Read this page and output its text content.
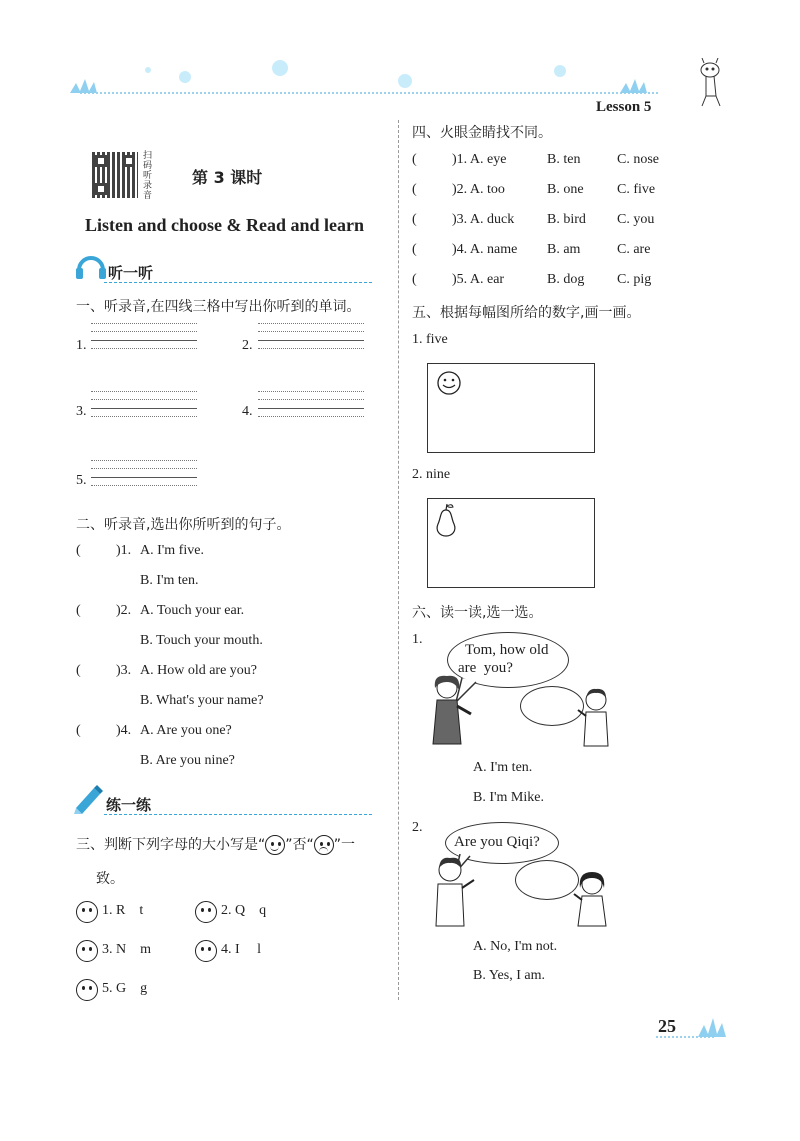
Lesson 5
扫码听录音
第 3 课时
Listen and choose & Read and learn
听一听
一、听录音,在四线三格中写出你听到的单词。
1.	2.
3.	4.
5.
二、听录音,选出你所听到的句子。
(	)1. A. I'm five.
B. I'm ten.
(	)2. A. Touch your ear.
B. Touch your mouth.
(	)3. A. How old are you?
B. What's your name?
(	)4. A. Are you one?
B. Are you nine?
练一练
三、判断下列字母的大小写是“ ”否“ ”一
致。
1. R    t	2. Q    q
3. N    m	4. I     l
5. G    g
四、火眼金睛找不同。
(	)1. A. eye	B. ten	C. nose
(	)2. A. too	B. one C. five
(	)3. A. duck B. bird C. you
(	)4. A. name B. am	C. are
(	)5. A. ear	B. dog C. pig
五、根据每幅图所给的数字,画一画。
1. five
2. nine
六、读一读,选一选。
1.
Tom, how old
are  you?
A. I'm ten.
B. I'm Mike.
2.
Are you Qiqi?
A. No, I'm not.
B. Yes, I am.
25
